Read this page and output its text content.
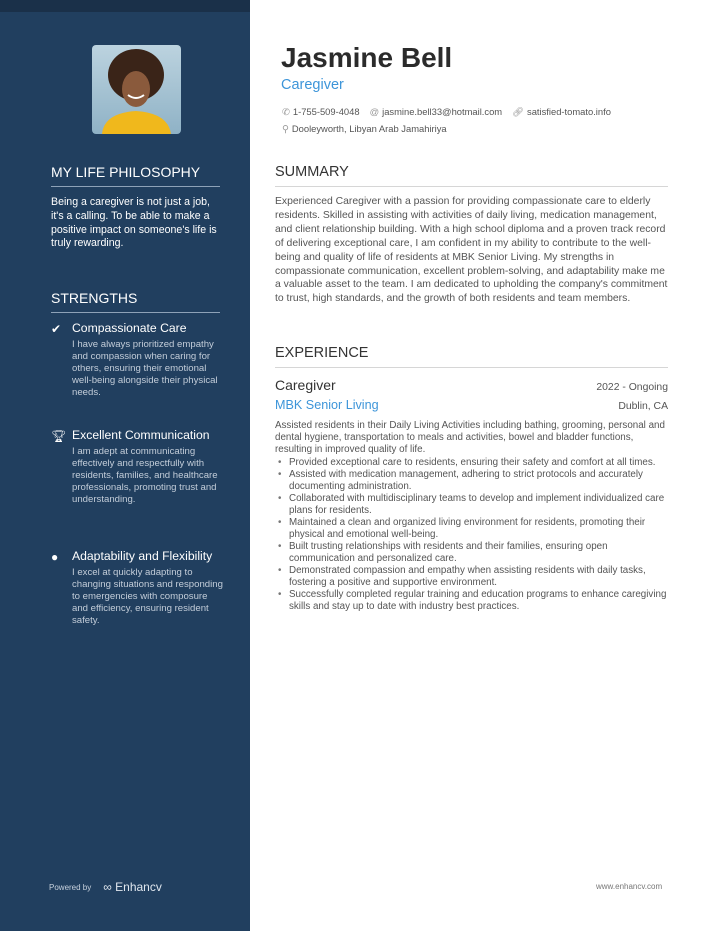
MY LIFE PHILOSOPHY
Being a caregiver is not just a job, it's a calling. To be able to make a positive impact on someone's life is truly rewarding.
STRENGTHS
✔ Compassionate Care
I have always prioritized empathy and compassion when caring for others, ensuring their emotional well-being alongside their physical needs.
🏆︎ Excellent Communication
I am adept at communicating effectively and respectfully with residents, families, and healthcare professionals, promoting trust and understanding.
●	Adaptability and Flexibility
I excel at quickly adapting to changing situations and responding to emergencies with composure and efficiency, ensuring resident safety.
Powered by ∞ Enhancv	www.enhancv.com
Jasmine Bell
Caregiver
✆ 1-755-509-4048 @ jasmine.bell33@hotmail.com 🔗︎ satisfied-tomato.info
⚲ Dooleyworth, Libyan Arab Jamahiriya
SUMMARY
Experienced Caregiver with a passion for providing compassionate care to elderly residents. Skilled in assisting with activities of daily living, medication management, and client relationship building. With a high school diploma and a proven track record of delivering exceptional care, I am confident in my ability to contribute to the well-being and quality of life of residents at MBK Senior Living. My strengths in compassionate communication, excellent problem-solving, and adaptability make me a valuable asset to the team. I am dedicated to upholding the company's commitment to trust, high standards, and the growth of both residents and team members.
EXPERIENCE
Caregiver	2022 - Ongoing
MBK Senior Living	Dublin, CA
Assisted residents in their Daily Living Activities including bathing, grooming, personal and dental hygiene, transportation to meals and activities, bowel and bladder functions, resulting in improved quality of life.
• Provided exceptional care to residents, ensuring their safety and comfort at all times.
• Assisted with medication management, adhering to strict protocols and accurately documenting administration.
• Collaborated with multidisciplinary teams to develop and implement individualized care plans for residents.
• Maintained a clean and organized living environment for residents, promoting their physical and emotional well-being.
• Built trusting relationships with residents and their families, ensuring open communication and personalized care.
• Demonstrated compassion and empathy when assisting residents with daily tasks, fostering a positive and supportive environment.
• Successfully completed regular training and education programs to enhance caregiving skills and stay up to date with industry best practices.
